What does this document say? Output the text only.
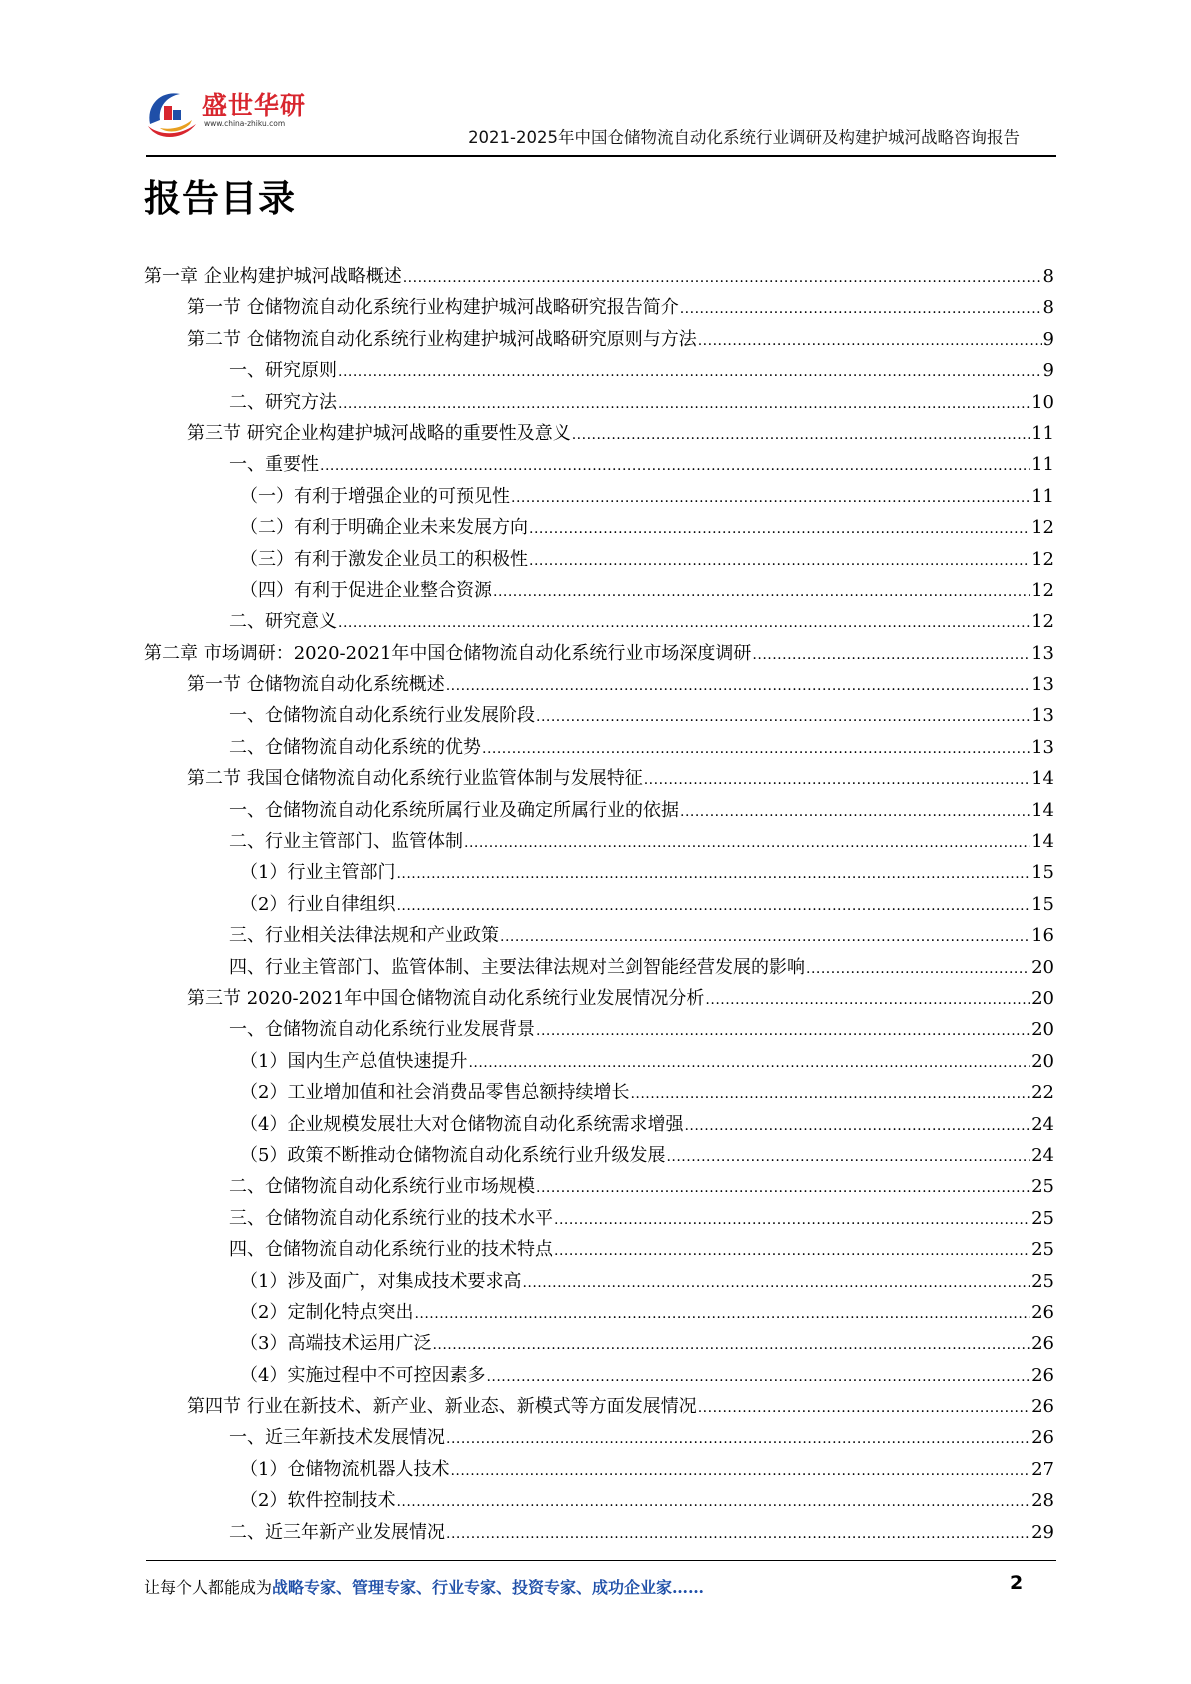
盛世华研
www.china-zhiku.com
2021-2025年中国仓储物流自动化系统行业调研及构建护城河战略咨询报告
报告目录
第一章 企业构建护城河战略概述 .....	8
第一节 仓储物流自动化系统行业构建护城河战略研究报告简介 .....	8
第二节 仓储物流自动化系统行业构建护城河战略研究原则与方法 .....	9
一、研究原则 .....	9
二、研究方法 .....	10
第三节 研究企业构建护城河战略的重要性及意义 .....	11
一、重要性 .....	11
（一）有利于增强企业的可预见性 .....	11
（二）有利于明确企业未来发展方向 .....	12
（三）有利于激发企业员工的积极性 .....	12
（四）有利于促进企业整合资源 .....	12
二、研究意义 .....	12
第二章 市场调研：2020-2021年中国仓储物流自动化系统行业市场深度调研 .....	13
第一节 仓储物流自动化系统概述 .....	13
一、仓储物流自动化系统行业发展阶段 .....	13
二、仓储物流自动化系统的优势 .....	13
第二节 我国仓储物流自动化系统行业监管体制与发展特征 .....	14
一、仓储物流自动化系统所属行业及确定所属行业的依据 .....	14
二、行业主管部门、监管体制 .....	14
（1）行业主管部门 .....	15
（2）行业自律组织 .....	15
三、行业相关法律法规和产业政策 .....	16
四、行业主管部门、监管体制、主要法律法规对兰剑智能经营发展的影响 .....	20
第三节 2020-2021年中国仓储物流自动化系统行业发展情况分析 .....	20
一、仓储物流自动化系统行业发展背景 .....	20
（1）国内生产总值快速提升 .....	20
（2）工业增加值和社会消费品零售总额持续增长 .....	22
（4）企业规模发展壮大对仓储物流自动化系统需求增强 .....	24
（5）政策不断推动仓储物流自动化系统行业升级发展 .....	24
二、仓储物流自动化系统行业市场规模 .....	25
三、仓储物流自动化系统行业的技术水平 .....	25
四、仓储物流自动化系统行业的技术特点 .....	25
（1）涉及面广，对集成技术要求高 .....	25
（2）定制化特点突出 .....	26
（3）高端技术运用广泛 .....	26
（4）实施过程中不可控因素多 .....	26
第四节 行业在新技术、新产业、新业态、新模式等方面发展情况 .....	26
一、近三年新技术发展情况 .....	26
（1）仓储物流机器人技术 .....	27
（2）软件控制技术 .....	28
二、近三年新产业发展情况 .....	29
让每个人都能成为战略专家、管理专家、行业专家、投资专家、成功企业家……	2
